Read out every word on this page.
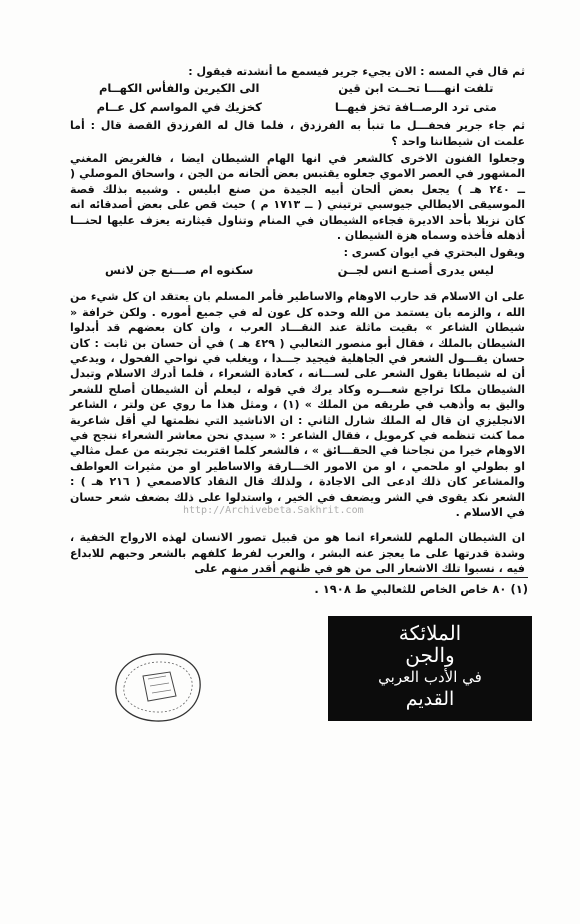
ثم قال في المسه : الان يجيء جرير فيسمع ما أنشدته فيقول :

تلفت انهــــا تحــت ابن قين
الى الكيرين والفأس الكهــام
متى ترد الرصــافة تخز فيهــا
كخزيك في المواسم كل عــام

ثم جاء جرير فحفـــل ما تنبأ به الفرزدق ، فلما قال له الفرزدق القصة قال : أما علمت ان شيطاننا واحد ؟

وجعلوا الفنون الاخرى كالشعر في انها الهام الشيطان ايضا ، فالغريض المغني المشهور في العصر الاموي جعلوه يقتبس بعض ألحانه من الجن ، واسحاق الموصلي ( ــ ٢٤٠ هـ ) يجعل بعض ألحان أبيه الجيدة من صنع ابليس . وشبيه بذلك قصة الموسيقى الايطالي جيوسبي ترتيني ( ــ ١٧١٣ م ) حيث قص على بعض أصدقائه انه كان نزيلا بأحد الاديرة فجاءه الشيطان في المنام وتناول قيثارته يعزف عليها لحنـــا أذهله فأخذه وسماه هزة الشيطان .

ويقول البحتري في ايوان كسرى :

ليس يدرى أصنـع انس لجــن
سكنوه ام صـــنع جن لانس

على ان الاسلام قد حارب الاوهام والاساطير فأمر المسلم بان يعتقد ان كل شيء من الله ، والزمه بان يستمد من الله وحده كل عون له في جميع أموره . ولكن خرافة « شيطان الشاعر » بقيت ماثلة عند النقـــاد العرب ، وان كان بعضهم قد أبدلوا الشيطان بالملك ، فقال أبو منصور الثعالبي ( ٤٢٩ هـ ) في أن حسان بن ثابت : كان حسان يقـــول الشعر في الجاهلية فيجيد جـــدا ، ويغلب في نواحي الفحول ، ويدعي أن له شيطانا يقول الشعر على لســـانه ، كعادة الشعراء ، فلما أدرك الاسلام وتبدل الشيطان ملكا تراجع شعـــره وكاد يرك في قوله ، ليعلم أن الشيطان أصلح للشعر واليق به وأذهب في طريقه من الملك » (١) ، ومثل هذا ما روي عن ولتر ، الشاعر الانجليزي ان قال له الملك شارل الثاني : ان الاناشيد التي نظمتها لي أقل شاعرية مما كنت تنظمه في كرمويل ، فقال الشاعر : « سيدي نحن معاشر الشعراء ننجح في الاوهام خيرا من نجاحنا في الحقـــائق » ، فالشعر كلما اقتربت تجربته من عمل مثالي او بطولي او ملحمي ، او من الامور الخـــارقة والاساطير او من مثيرات العواطف والمشاعر كان ذلك ادعى الى الاجادة ، ولذلك قال النقاد كالاصمعي ( ٢١٦ هـ ) : الشعر نكد يقوى في الشر ويضعف في الخير ، واستدلوا على ذلك بضعف شعر حسان في الاسلام .

ان الشيطان الملهم للشعراء انما هو من قبيل تصور الانسان لهذه الارواح الخفية ، وشدة قدرتها على ما يعجز عنه البشر ، والعرب لفرط كلفهم بالشعر وحبهم للابداع فيه ، نسبوا تلك الاشعار الى من هو في ظنهم أقدر منهم على

http://Archivebeta.Sakhrit.com
(١) ٨٠ خاص الخاص للثعالبي ط ١٩٠٨ .
الملائكة
والجن
في الأدب العربي
القديم
